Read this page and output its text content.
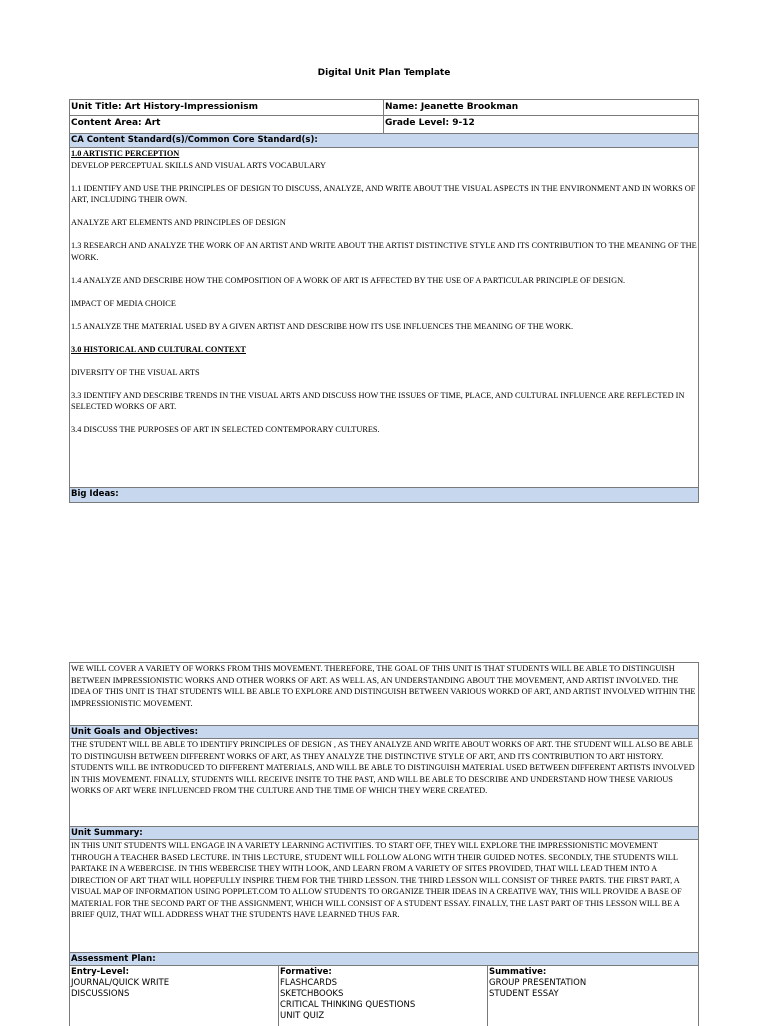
Digital Unit Plan Template
Unit Title: Art History-Impressionism	Name: Jeanette Brookman
Content Area: Art	Grade Level: 9-12
CA Content Standard(s)/Common Core Standard(s):

1.0 ARTISTIC PERCEPTION

DEVELOP PERCEPTUAL SKILLS AND VISUAL ARTS VOCABULARY

1.1 IDENTIFY AND USE THE PRINCIPLES OF DESIGN TO DISCUSS, ANALYZE, AND WRITE ABOUT THE VISUAL ASPECTS IN THE ENVIRONMENT AND IN WORKS OF ART, INCLUDING THEIR OWN.

ANALYZE ART ELEMENTS AND PRINCIPLES OF DESIGN

1.3 RESEARCH AND ANALYZE THE WORK OF AN ARTIST AND WRITE ABOUT THE ARTIST DISTINCTIVE STYLE AND ITS CONTRIBUTION TO THE MEANING OF THE WORK.

1.4 ANALYZE AND DESCRIBE HOW THE COMPOSITION OF A WORK OF ART IS AFFECTED BY THE USE OF A PARTICULAR PRINCIPLE OF DESIGN.

IMPACT OF MEDIA CHOICE

1.5 ANALYZE THE MATERIAL USED BY A GIVEN ARTIST AND DESCRIBE HOW ITS USE INFLUENCES THE MEANING OF THE WORK.

3.0 HISTORICAL AND CULTURAL CONTEXT

DIVERSITY OF THE VISUAL ARTS

3.3 IDENTIFY AND DESCRIBE TRENDS IN THE VISUAL ARTS AND DISCUSS HOW THE ISSUES OF TIME, PLACE, AND CULTURAL INFLUENCE ARE REFLECTED IN SELECTED WORKS OF ART.

3.4 DISCUSS THE PURPOSES OF ART IN SELECTED CONTEMPORARY CULTURES.

Big Ideas:
WE WILL COVER A VARIETY OF WORKS FROM THIS MOVEMENT. THEREFORE, THE GOAL OF THIS UNIT IS THAT STUDENTS WILL BE ABLE TO DISTINGUISH BETWEEN IMPRESSIONISTIC WORKS AND OTHER WORKS OF ART. AS WELL AS, AN UNDERSTANDING ABOUT THE MOVEMENT, AND ARTIST INVOLVED. THE IDEA OF THIS UNIT IS THAT STUDENTS WILL BE ABLE TO EXPLORE AND DISTINGUISH BETWEEN VARIOUS WORKD OF ART, AND ARTIST INVOLVED WITHIN THE IMPRESSIONISTIC MOVEMENT.
Unit Goals and Objectives:
THE STUDENT WILL BE ABLE TO IDENTIFY PRINCIPLES OF DESIGN , AS THEY ANALYZE AND WRITE ABOUT WORKS OF ART. THE STUDENT WILL ALSO BE ABLE TO DISTINGUISH BETWEEN DIFFERENT WORKS OF ART, AS THEY ANALYZE THE DISTINCTIVE STYLE OF ART, AND ITS CONTRIBUTION TO ART HISTORY. STUDENTS WILL BE INTRODUCED TO DIFFERENT MATERIALS, AND WILL BE ABLE TO DISTINGUISH MATERIAL USED BETWEEN DIFFERENT ARTISTS INVOLVED IN THIS MOVEMENT. FINALLY, STUDENTS WILL RECEIVE INSITE TO THE PAST, AND WILL BE ABLE TO DESCRIBE AND UNDERSTAND HOW THESE VARIOUS WORKS OF ART WERE INFLUENCED FROM THE CULTURE AND THE TIME OF WHICH THEY WERE CREATED.
Unit Summary:
IN THIS UNIT STUDENTS WILL ENGAGE IN A VARIETY LEARNING ACTIVITIES. TO START OFF, THEY WILL EXPLORE THE IMPRESSIONISTIC MOVEMENT THROUGH A TEACHER BASED LECTURE. IN THIS LECTURE, STUDENT WILL FOLLOW ALONG WITH THEIR GUIDED NOTES. SECONDLY, THE STUDENTS WILL PARTAKE IN A WEBERCISE. IN THIS WEBERCISE THEY WITH LOOK, AND LEARN FROM A VARIETY OF SITES PROVIDED, THAT WILL LEAD THEM INTO A DIRECTION OF ART THAT WILL HOPEFULLY INSPIRE THEM FOR THE THIRD LESSON. THE THIRD LESSON WILL CONSIST OF THREE PARTS. THE FIRST PART, A VISUAL MAP OF INFORMATION USING POPPLET.COM TO ALLOW STUDENTS TO ORGANIZE THEIR IDEAS IN A CREATIVE WAY, THIS WILL PROVIDE A BASE OF MATERIAL FOR THE SECOND PART OF THE ASSIGNMENT, WHICH WILL CONSIST OF A STUDENT ESSAY. FINALLY, THE LAST PART OF THIS LESSON WILL BE A BRIEF QUIZ, THAT WILL ADDRESS WHAT THE STUDENTS HAVE LEARNED THUS FAR.
Assessment Plan:
Entry-Level:
JOURNAL/QUICK WRITE
DISCUSSIONS
Formative:
FLASHCARDS
SKETCHBOOKS
CRITICAL THINKING QUESTIONS
UNIT QUIZ
Summative:
GROUP PRESENTATION
STUDENT ESSAY
